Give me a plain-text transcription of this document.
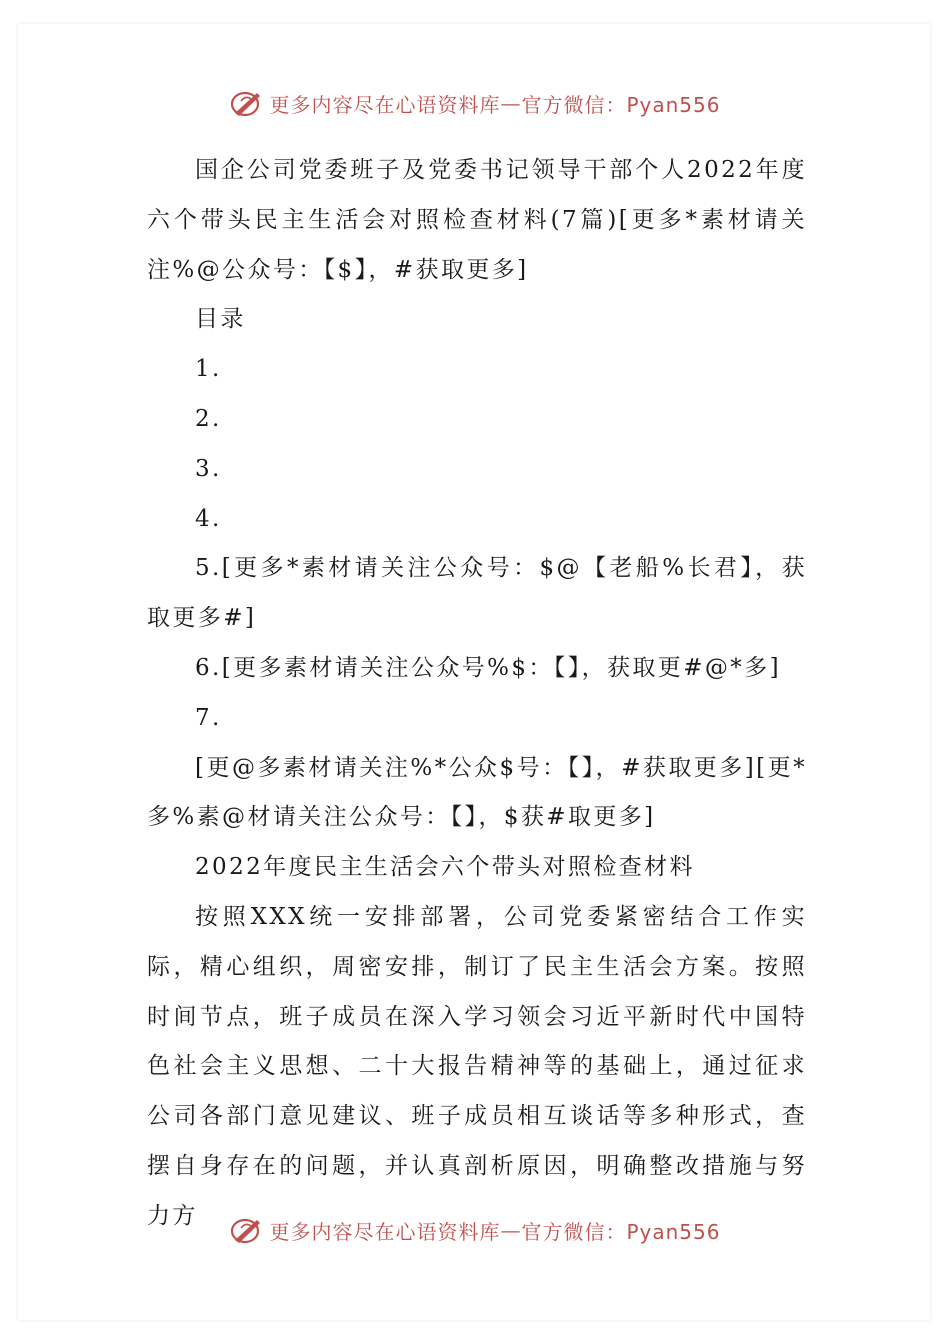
更多内容尽在心语资料库 — 官方微信：Pyan556

国企公司党委班子及党委书记领导干部个人2022年度六个带头民主生活会对照检查材料(7篇)[更多*素材请关注%@公众号：【$】，#获取更多]

目录

1.

2.

3.

4.

5.[更多*素材请关注公众号：$@【老船%长君】，获取更多#]

6.[更多素材请关注公众号%$：【】，获取更#@*多]

7.

[更@多素材请关注%*公众$号：【】，#获取更多][更*多%素@材请关注公众号：【】，$获#取更多]

2022年度民主生活会六个带头对照检查材料

按照XXX统一安排部署，公司党委紧密结合工作实际，精心组织，周密安排，制订了民主生活会方案。按照时间节点，班子成员在深入学习领会习近平新时代中国特色社会主义思想、二十大报告精神等的基础上，通过征求公司各部门意见建议、班子成员相互谈话等多种形式，查摆自身存在的问题，并认真剖析原因，明确整改措施与努力方

更多内容尽在心语资料库 — 官方微信：Pyan556
